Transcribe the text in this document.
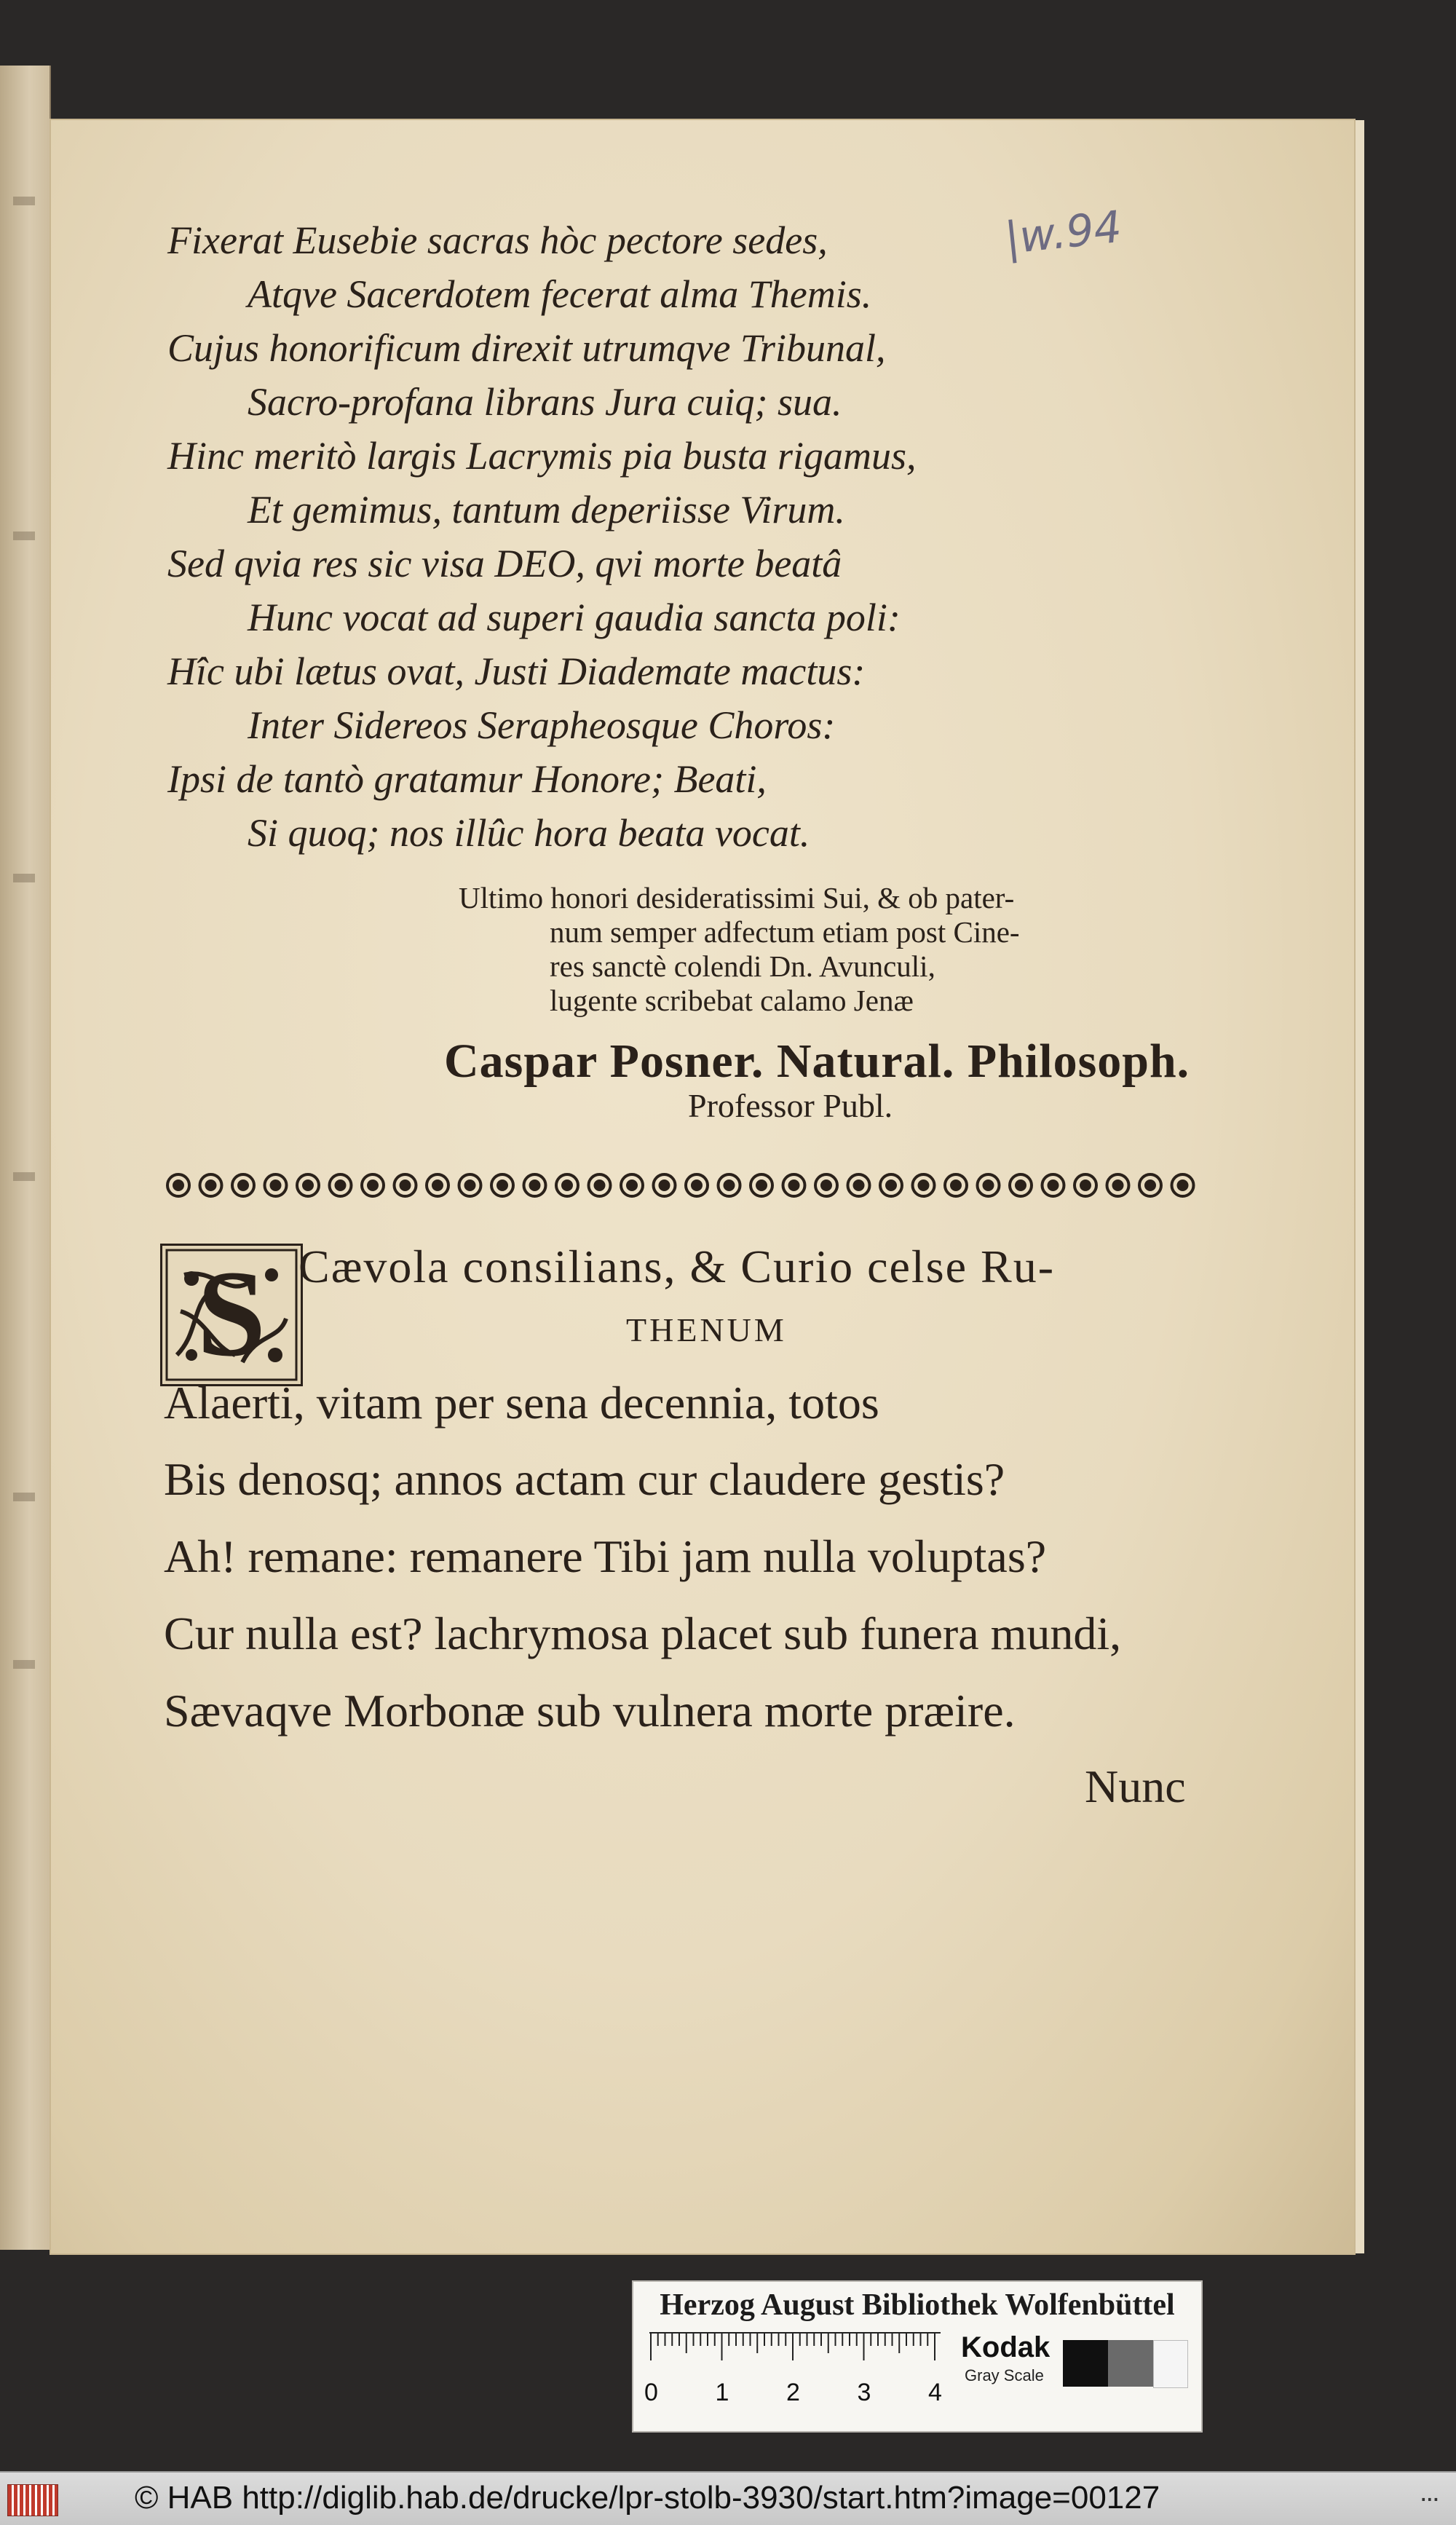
|w.94
Fixerat Eusebie sacras hòc pectore sedes,
Atqve Sacerdotem fecerat alma Themis.
Cujus honorificum direxit utrumqve Tribunal,
Sacro-profana librans Jura cuiq; sua.
Hinc meritò largis Lacrymis pia busta rigamus,
Et gemimus, tantum deperiisse Virum.
Sed qvia res sic visa DEO, qvi morte beatâ
Hunc vocat ad superi gaudia sancta poli:
Hîc ubi lætus ovat, Justi Diademate mactus:
Inter Sidereos Serapheosque Choros:
Ipsi de tantò gratamur Honore; Beati,
Si quoq; nos illûc hora beata vocat.
Ultimo honori desideratissimi Sui, & ob pater-
num semper adfectum etiam post Cine-
res sanctè colendi Dn. Avunculi,
lugente scribebat calamo Jenæ
Caspar Posner. Natural. Philosoph.
Professor Publ.
S Cævola consilians, & Curio celse Ru-
THENUM
Alaerti, vitam per sena decennia, totos
Bis denosq; annos actam cur claudere gestis?
Ah! remane: remanere Tibi jam nulla voluptas?
Cur nulla est? lachrymosa placet sub funera mundi,
Sævaqve Morbonæ sub vulnera morte præire.
Nunc
Herzog August Bibliothek Wolfenbüttel
0 1 2 3 4
Kodak
Gray Scale
© HAB http://diglib.hab.de/drucke/lpr-stolb-3930/start.htm?image=00127	...
